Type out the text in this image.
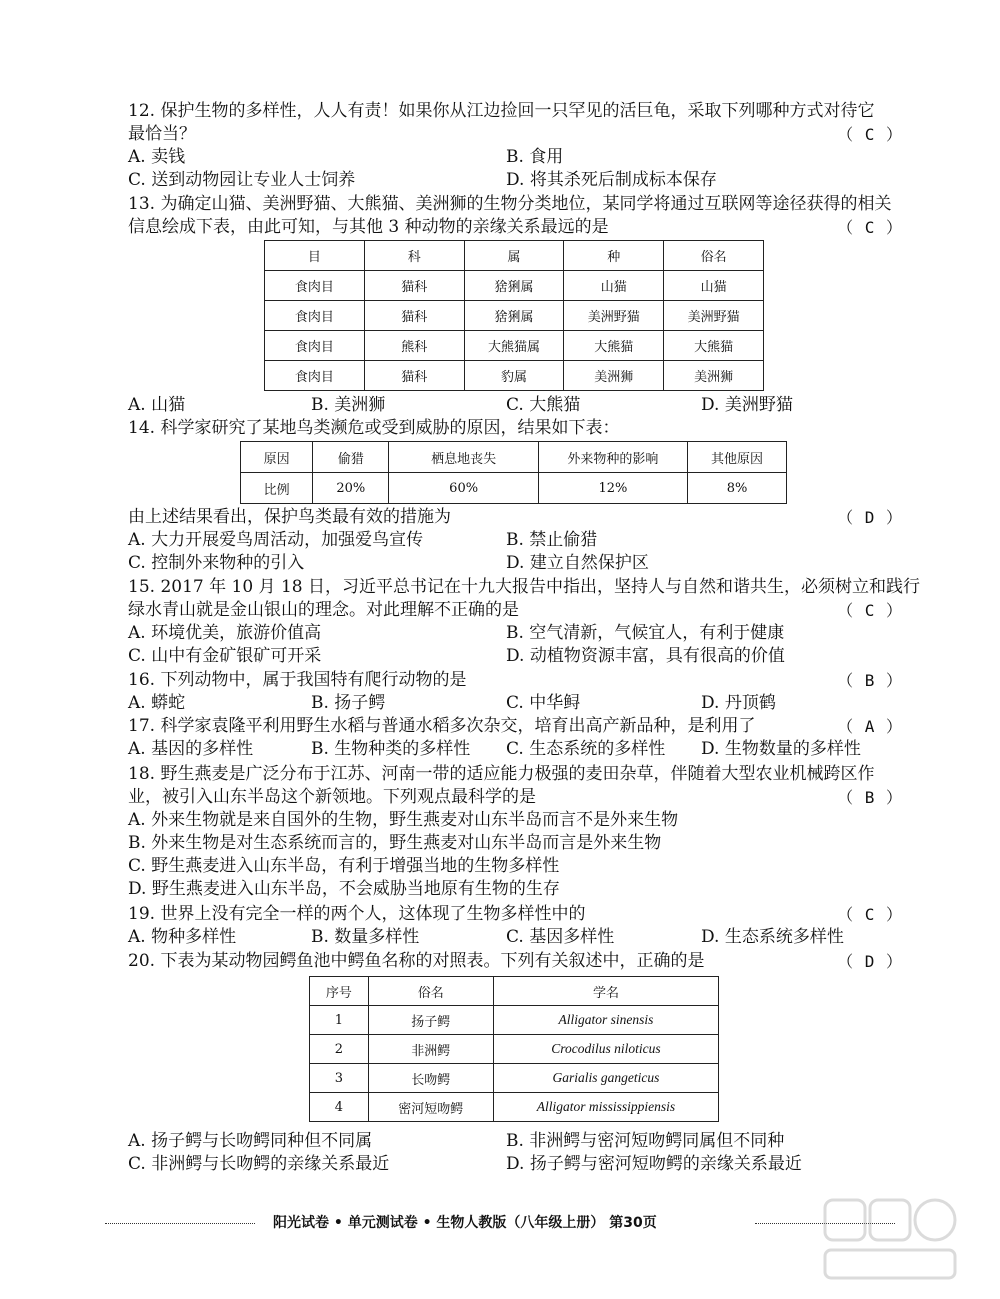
12. 保护生物的多样性，人人有责！如果你从江边捡回一只罕见的活巨龟，采取下列哪种方式对待它
最恰当？	（ C ）
A. 卖钱	B. 食用
C. 送到动物园让专业人士饲养	D. 将其杀死后制成标本保存
13. 为确定山猫、美洲野猫、大熊猫、美洲狮的生物分类地位，某同学将通过互联网等途径获得的相关
信息绘成下表，由此可知，与其他 3 种动物的亲缘关系最远的是	（ C ）
目	科	属	种	俗名
食肉目	猫科	猞猁属	山猫	山猫
食肉目	猫科	猞猁属	美洲野猫	美洲野猫
食肉目	熊科	大熊猫属	大熊猫	大熊猫
食肉目	猫科	豹属	美洲狮	美洲狮
A. 山猫	B. 美洲狮	C. 大熊猫	D. 美洲野猫
14. 科学家研究了某地鸟类濒危或受到威胁的原因，结果如下表：
原因	偷猎	栖息地丧失	外来物种的影响	其他原因
比例	20%	60%	12%	8%
由上述结果看出，保护鸟类最有效的措施为	（ D ）
A. 大力开展爱鸟周活动，加强爱鸟宣传	B. 禁止偷猎
C. 控制外来物种的引入	D. 建立自然保护区
15. 2017 年 10 月 18 日，习近平总书记在十九大报告中指出，坚持人与自然和谐共生，必须树立和践行
绿水青山就是金山银山的理念。对此理解不正确的是	（ C ）
A. 环境优美，旅游价值高	B. 空气清新，气候宜人，有利于健康
C. 山中有金矿银矿可开采	D. 动植物资源丰富，具有很高的价值
16. 下列动物中，属于我国特有爬行动物的是	（ B ）
A. 蟒蛇	B. 扬子鳄	C. 中华鲟	D. 丹顶鹤
17. 科学家袁隆平利用野生水稻与普通水稻多次杂交，培育出高产新品种，是利用了	（ A ）
A. 基因的多样性	B. 生物种类的多样性 C. 生态系统的多样性 D. 生物数量的多样性
18. 野生燕麦是广泛分布于江苏、河南一带的适应能力极强的麦田杂草，伴随着大型农业机械跨区作
业，被引入山东半岛这个新领地。下列观点最科学的是	（ B ）
A. 外来生物就是来自国外的生物，野生燕麦对山东半岛而言不是外来生物
B. 外来生物是对生态系统而言的，野生燕麦对山东半岛而言是外来生物
C. 野生燕麦进入山东半岛，有利于增强当地的生物多样性
D. 野生燕麦进入山东半岛，不会威胁当地原有生物的生存
19. 世界上没有完全一样的两个人，这体现了生物多样性中的	（ C ）
A. 物种多样性	B. 数量多样性	C. 基因多样性	D. 生态系统多样性
20. 下表为某动物园鳄鱼池中鳄鱼名称的对照表。下列有关叙述中，正确的是	（ D ）
序号	俗名	学名
1	扬子鳄	Alligator sinensis
2	非洲鳄	Crocodilus niloticus
3	长吻鳄	Garialis gangeticus
4	密河短吻鳄	Alligator mississippiensis
A. 扬子鳄与长吻鳄同种但不同属	B. 非洲鳄与密河短吻鳄同属但不同种
C. 非洲鳄与长吻鳄的亲缘关系最近	D. 扬子鳄与密河短吻鳄的亲缘关系最近
阳光试卷 • 单元测试卷 • 生物人教版（八年级上册） 第30页
